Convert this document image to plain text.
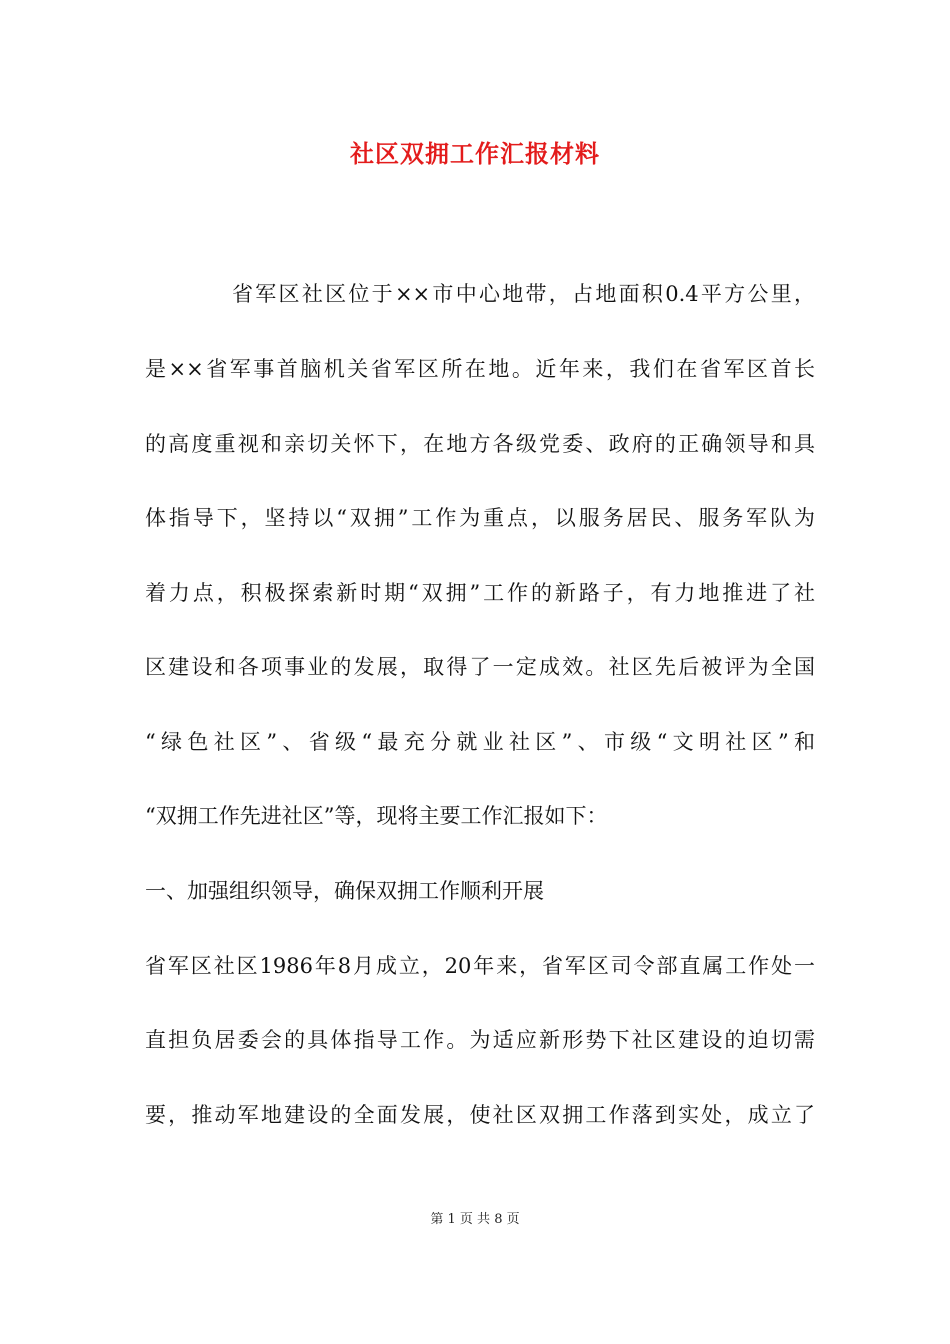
社区双拥工作汇报材料
省军区社区位于××市中心地带，占地面积0.4平方公里，
是××省军事首脑机关省军区所在地。近年来，我们在省军区首长
的高度重视和亲切关怀下，在地方各级党委、政府的正确领导和具
体指导下，坚持以“双拥”工作为重点，以服务居民、服务军队为
着力点，积极探索新时期“双拥”工作的新路子，有力地推进了社
区建设和各项事业的发展，取得了一定成效。社区先后被评为全国
“绿色社区”、省级“最充分就业社区”、市级“文明社区”和
“双拥工作先进社区”等，现将主要工作汇报如下：
一、加强组织领导，确保双拥工作顺利开展
省军区社区1986年8月成立，20年来，省军区司令部直属工作处一
直担负居委会的具体指导工作。为适应新形势下社区建设的迫切需
要，推动军地建设的全面发展，使社区双拥工作落到实处，成立了
第 1 页 共 8 页
